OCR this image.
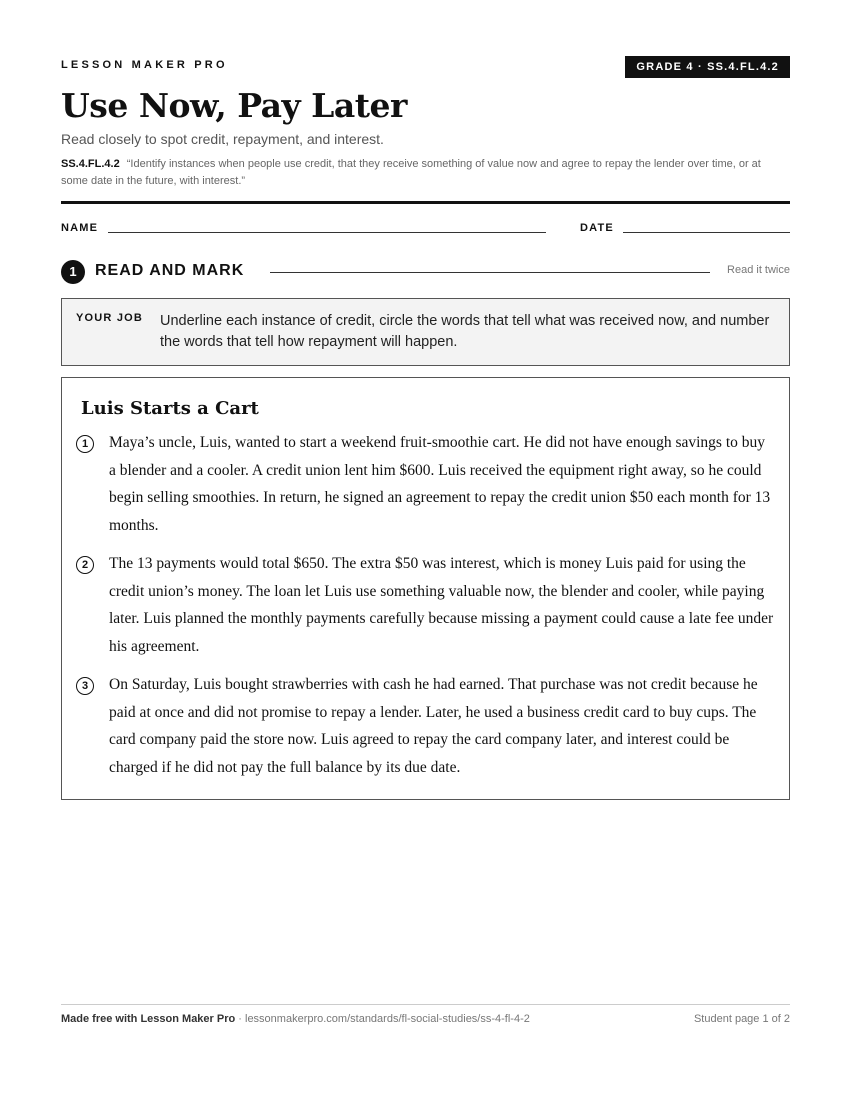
LESSON MAKER PRO	GRADE 4 · SS.4.FL.4.2
Use Now, Pay Later
Read closely to spot credit, repayment, and interest.
SS.4.FL.4.2 “Identify instances when people use credit, that they receive something of value now and agree to repay the lender over time, or at some date in the future, with interest.”
NAME	DATE
1	READ AND MARK	Read it twice
YOUR JOB Underline each instance of credit, circle the words that tell what was received now, and number the words that tell how repayment will happen.
Luis Starts a Cart
1	Maya’s uncle, Luis, wanted to start a weekend fruit-smoothie cart. He did not have enough savings to buy a blender and a cooler. A credit union lent him $600. Luis received the equipment right away, so he could begin selling smoothies. In return, he signed an agreement to repay the credit union $50 each month for 13 months.
2	The 13 payments would total $650. The extra $50 was interest, which is money Luis paid for using the credit union’s money. The loan let Luis use something valuable now, the blender and cooler, while paying later. Luis planned the monthly payments carefully because missing a payment could cause a late fee under his agreement.
3	On Saturday, Luis bought strawberries with cash he had earned. That purchase was not credit because he paid at once and did not promise to repay a lender. Later, he used a business credit card to buy cups. The card company paid the store now. Luis agreed to repay the card company later, and interest could be charged if he did not pay the full balance by its due date.
Made free with Lesson Maker Pro · lessonmakerpro.com/standards/fl-social-studies/ss-4-fl-4-2	Student page 1 of 2
